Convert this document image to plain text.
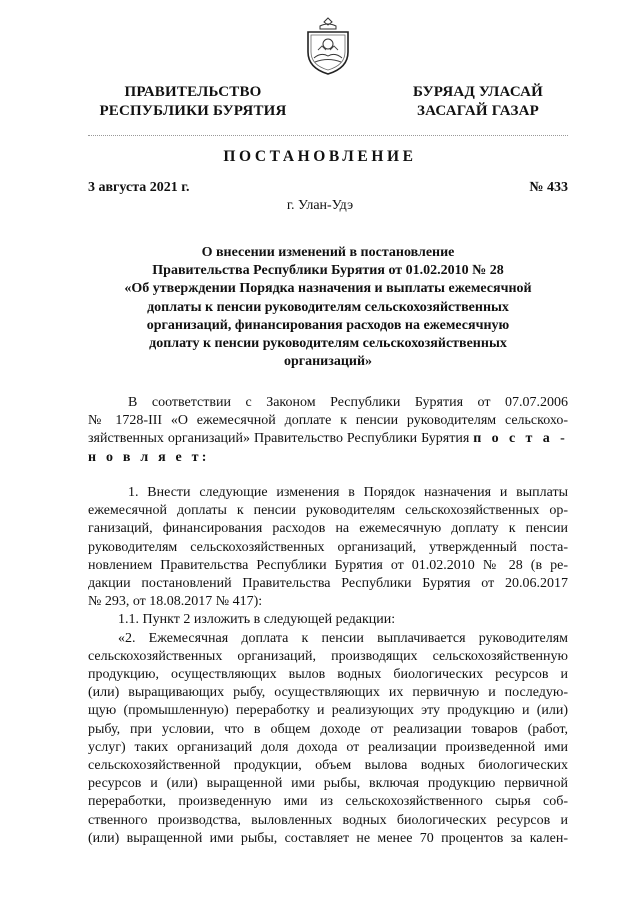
ПРАВИТЕЛЬСТВО
РЕСПУБЛИКИ БУРЯТИЯ
БУРЯАД УЛАСАЙ
ЗАСАГАЙ ГАЗАР
ПОСТАНОВЛЕНИЕ
3 августа 2021 г.	№ 433
г. Улан-Удэ
О внесении изменений в постановление
Правительства Республики Бурятия от 01.02.2010 № 28
«Об утверждении Порядка назначения и выплаты ежемесячной
доплаты к пенсии руководителям сельскохозяйственных
организаций, финансирования расходов на ежемесячную
доплату к пенсии руководителям сельскохозяйственных
организаций»
В соответствии с Законом Республики Бурятия от 07.07.2006
№ 1728-III «О ежемесячной доплате к пенсии руководителям сельскохо-
зяйственных организаций» Правительство Республики Бурятия п о с т а -
н о в л я е т:
1. Внести следующие изменения в Порядок назначения и выплаты
ежемесячной доплаты к пенсии руководителям сельскохозяйственных ор-
ганизаций, финансирования расходов на ежемесячную доплату к пенсии
руководителям сельскохозяйственных организаций, утвержденный поста-
новлением Правительства Республики Бурятия от 01.02.2010 № 28 (в ре-
дакции постановлений Правительства Республики Бурятия от 20.06.2017
№ 293, от 18.08.2017 № 417):
1.1. Пункт 2 изложить в следующей редакции:
«2. Ежемесячная доплата к пенсии выплачивается руководителям
сельскохозяйственных организаций, производящих сельскохозяйственную
продукцию, осуществляющих вылов водных биологических ресурсов и
(или) выращивающих рыбу, осуществляющих их первичную и последую-
щую (промышленную) переработку и реализующих эту продукцию и (или)
рыбу, при условии, что в общем доходе от реализации товаров (работ,
услуг) таких организаций доля дохода от реализации произведенной ими
сельскохозяйственной продукции, объем вылова водных биологических
ресурсов и (или) выращенной ими рыбы, включая продукцию первичной
переработки, произведенную ими из сельскохозяйственного сырья соб-
ственного производства, выловленных водных биологических ресурсов и
(или) выращенной ими рыбы, составляет не менее 70 процентов за кален-
